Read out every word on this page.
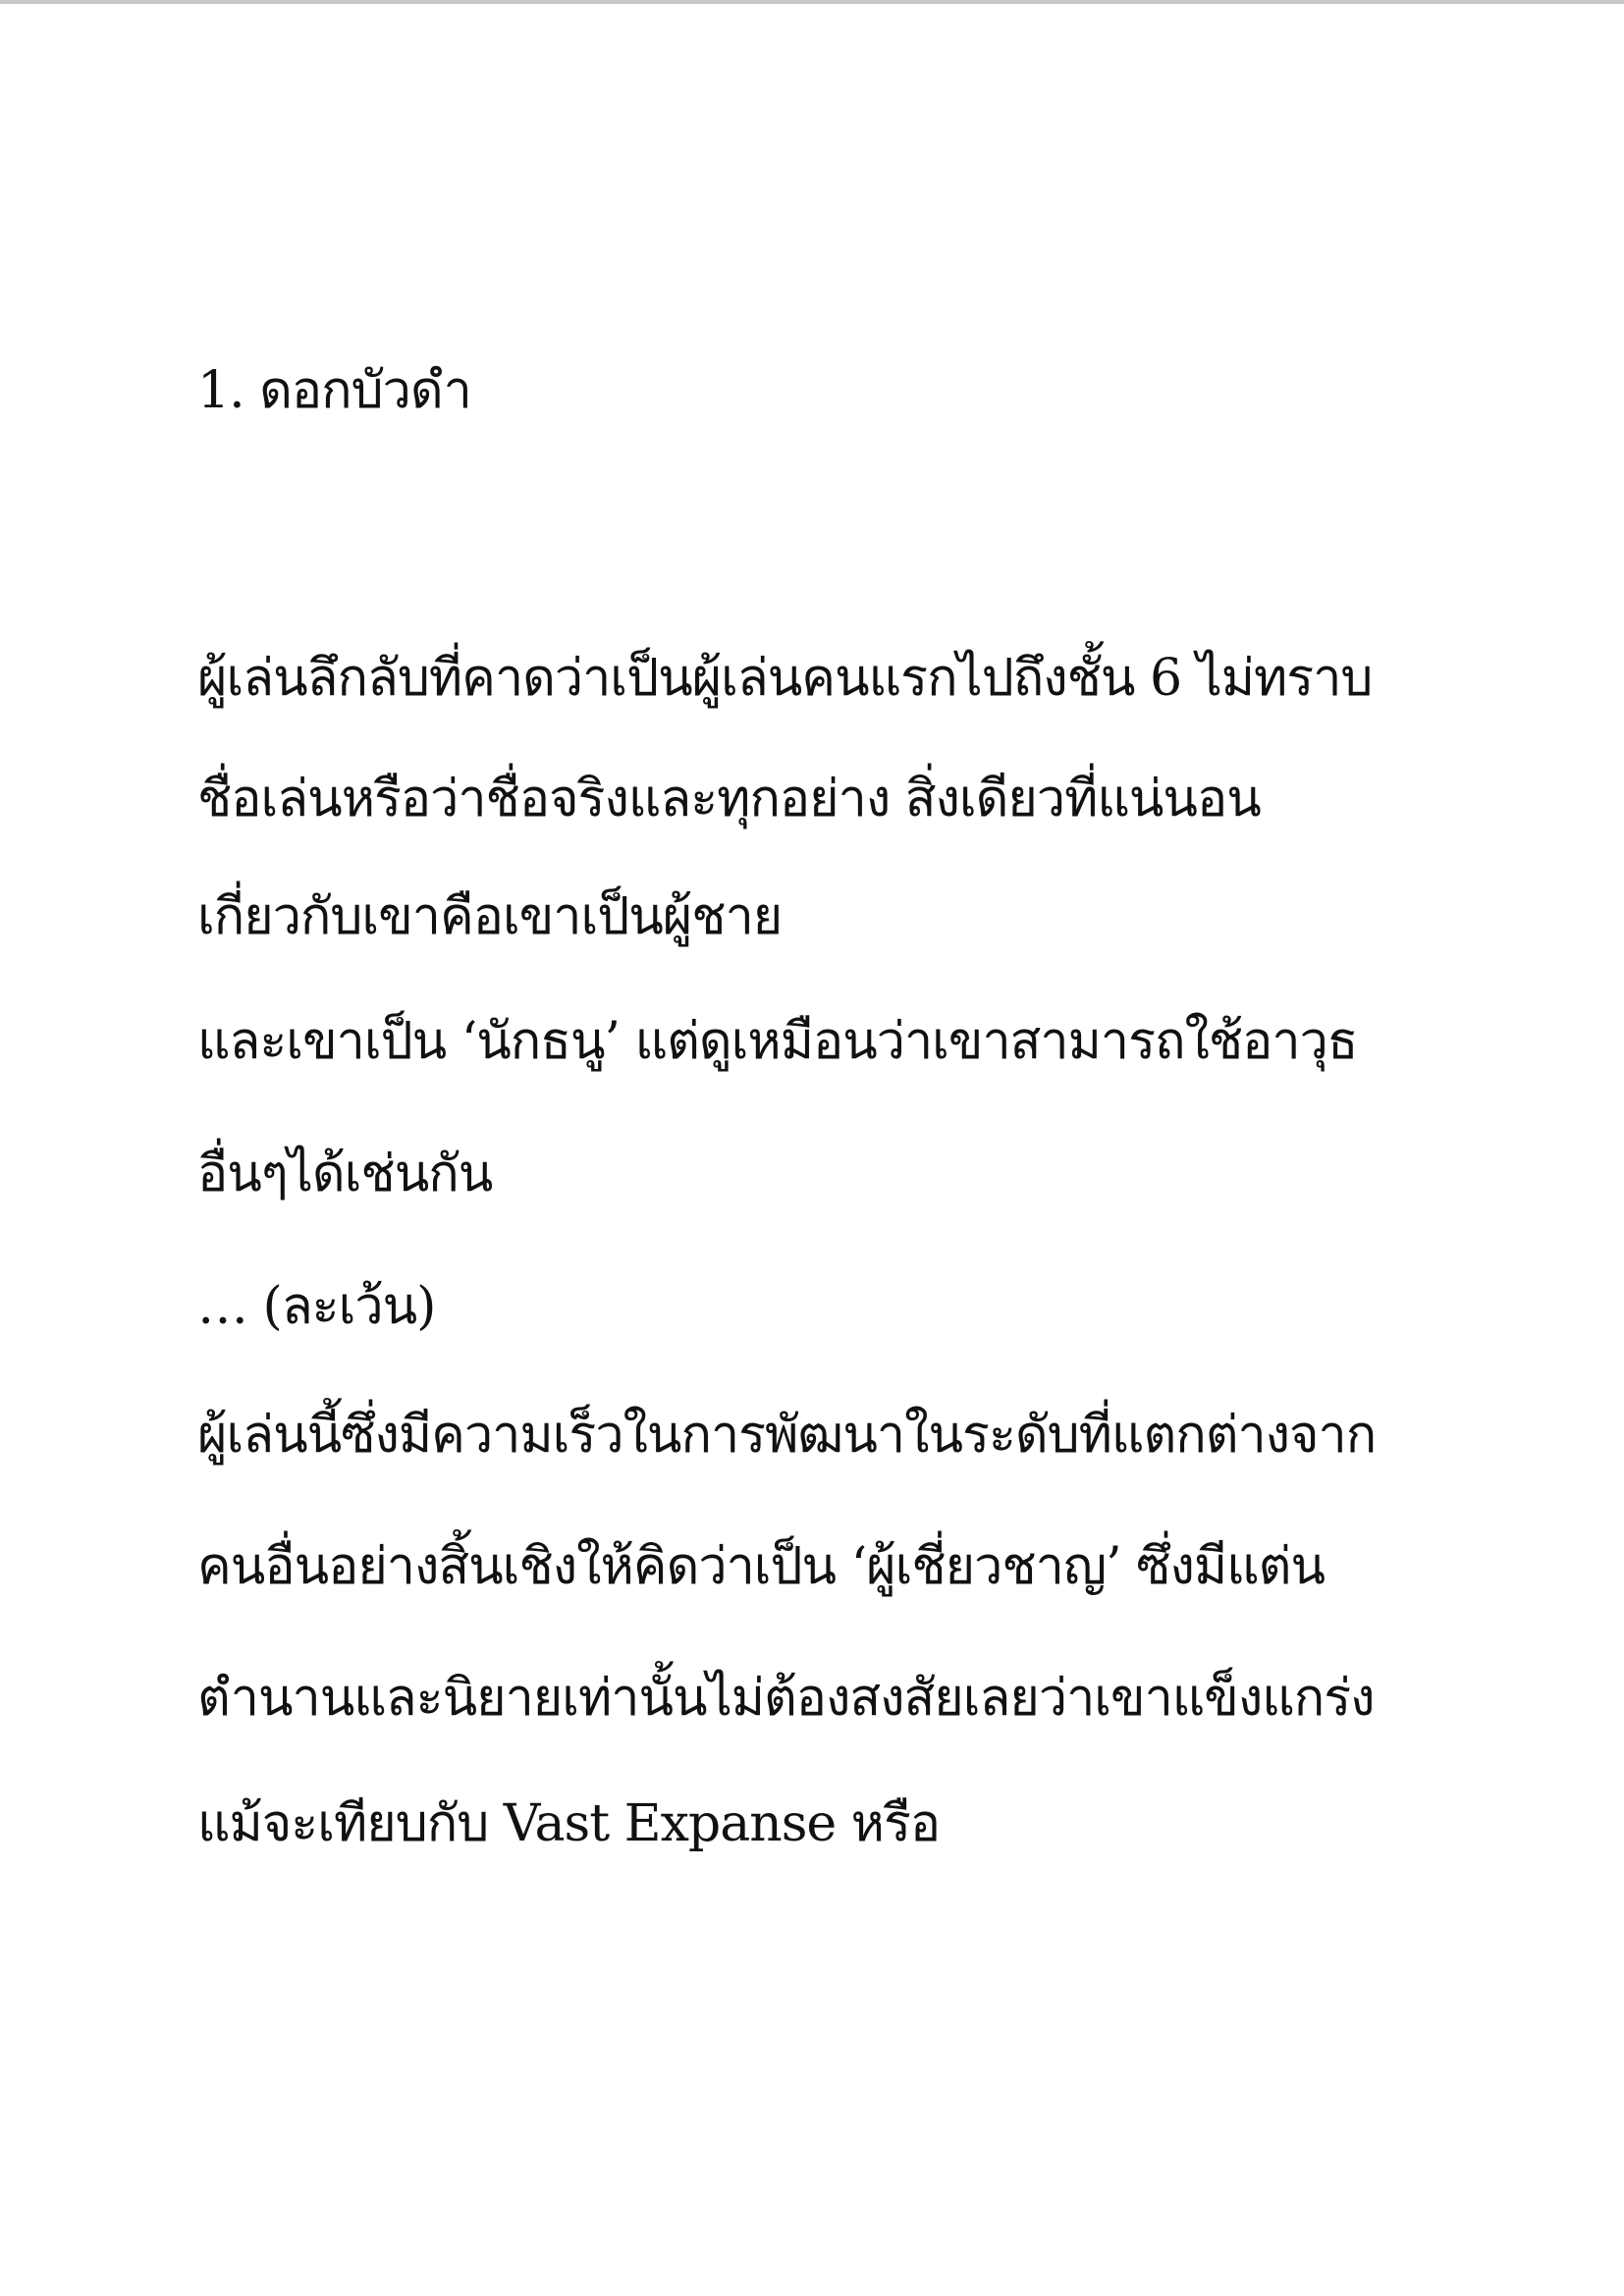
1. ดอกบัวดำ

ผู้เล่นลึกลับที่คาดว่าเป็นผู้เล่นคนแรกไปถึงชั้น 6 ไม่ทราบ

ชื่อเล่นหรือว่าชื่อจริงและทุกอย่าง สิ่งเดียวที่แน่นอน

เกี่ยวกับเขาคือเขาเป็นผู้ชาย

และเขาเป็น ‘นักธนู’ แต่ดูเหมือนว่าเขาสามารถใช้อาวุธ

อื่นๆได้เช่นกัน

… (ละเว้น)

ผู้เล่นนี้ซึ่งมีความเร็วในการพัฒนาในระดับที่แตกต่างจาก

คนอื่นอย่างสิ้นเชิงให้คิดว่าเป็น ‘ผู้เชี่ยวชาญ’ ซึ่งมีแต่น

ตำนานและนิยายเท่านั้นไม่ต้องสงสัยเลยว่าเขาแข็งแกร่ง

แม้จะเทียบกับ Vast Expanse หรือ
